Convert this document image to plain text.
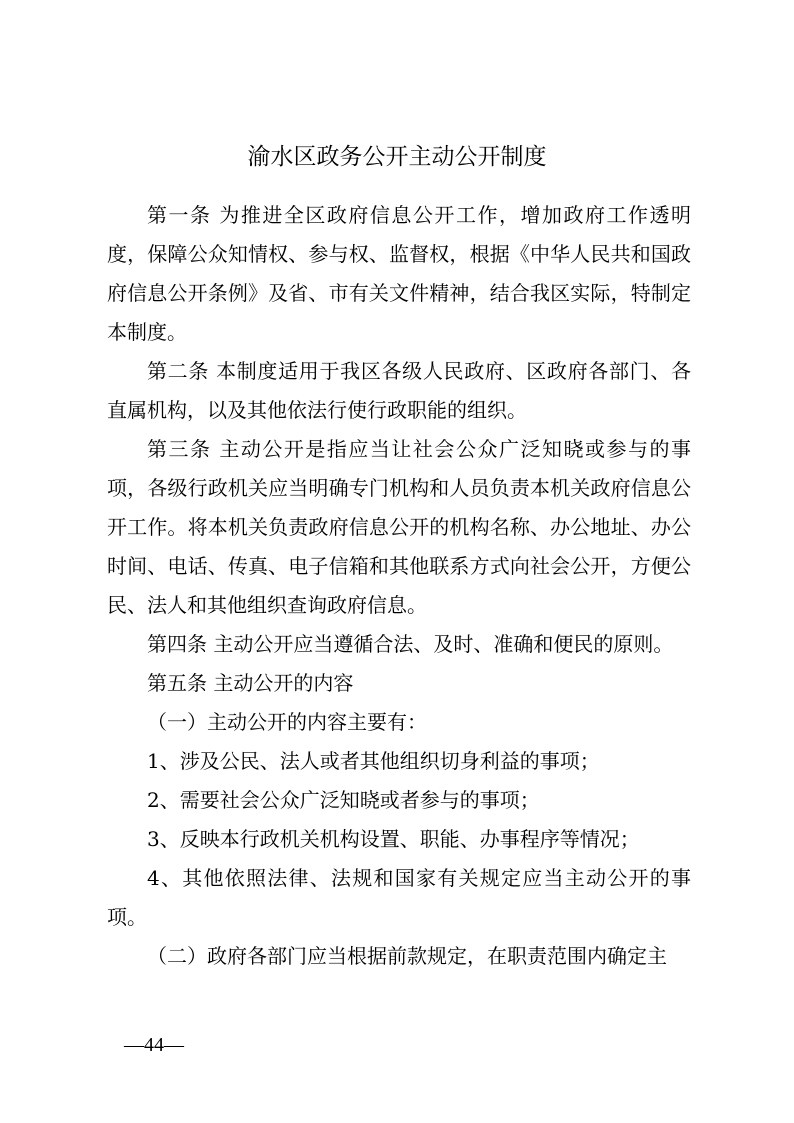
渝水区政务公开主动公开制度

第一条 为推进全区政府信息公开工作，增加政府工作透明度，保障公众知情权、参与权、监督权，根据《中华人民共和国政府信息公开条例》及省、市有关文件精神，结合我区实际，特制定本制度。

第二条 本制度适用于我区各级人民政府、区政府各部门、各直属机构，以及其他依法行使行政职能的组织。

第三条 主动公开是指应当让社会公众广泛知晓或参与的事项，各级行政机关应当明确专门机构和人员负责本机关政府信息公开工作。将本机关负责政府信息公开的机构名称、办公地址、办公时间、电话、传真、电子信箱和其他联系方式向社会公开，方便公民、法人和其他组织查询政府信息。

第四条 主动公开应当遵循合法、及时、准确和便民的原则。

第五条 主动公开的内容

（一）主动公开的内容主要有：

1、涉及公民、法人或者其他组织切身利益的事项；

2、需要社会公众广泛知晓或者参与的事项；

3、反映本行政机关机构设置、职能、办事程序等情况；

4、其他依照法律、法规和国家有关规定应当主动公开的事项。

（二）政府各部门应当根据前款规定，在职责范围内确定主

—44—
